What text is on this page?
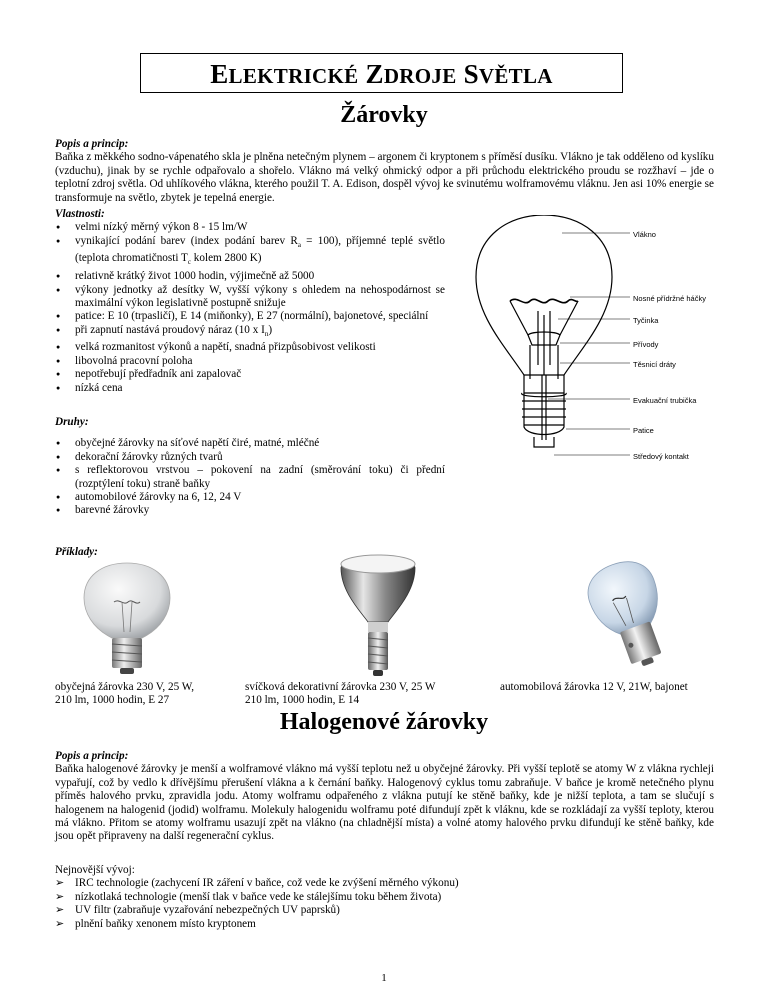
ELEKTRICKÉ ZDROJE SVĚTLA
Žárovky
Popis a princip:
Baňka z měkkého sodno-vápenatého skla je plněna netečným plynem – argonem či kryptonem s příměsí dusíku. Vlákno je tak odděleno od kyslíku (vzduchu), jinak by se rychle odpařovalo a shořelo. Vlákno má velký ohmický odpor a při průchodu elektrického proudu se rozžhaví – jde o teplotní zdroj světla. Od uhlíkového vlákna, kterého použil T. A. Edison, dospěl vývoj ke svinutému wolframovému vláknu. Jen asi 10% energie se transformuje na světlo, zbytek je tepelná energie.
Vlastnosti:
● velmi nízký měrný výkon 8 - 15 lm/W
● vynikající podání barev (index podání barev $R_a = 100$), příjemné teplé světlo (teplota chromatičnosti $T_c$ kolem 2800 K)
● relativně krátký život 1000 hodin, výjimečně až 5000
● výkony jednotky až desítky W, vyšší výkony s ohledem na nehospodárnost se maximální výkon legislativně postupně snižuje
● patice: E 10 (trpasličí), E 14 (miňonky), E 27 (normální), bajonetové, speciální
● při zapnutí nastává proudový náraz (10 x $I_n$)
● velká rozmanitost výkonů a napětí, snadná přizpůsobivost velikosti
● libovolná pracovní poloha
● nepotřebují předřadník ani zapalovač
● nízká cena
Vlákno
Nosné přídržné háčky
Tyčinka
Přívody
Těsnicí dráty
Evakuační trubička
Patice
Středový kontakt
Druhy:
● obyčejné žárovky na síťové napětí čiré, matné, mléčné
● dekorační žárovky různých tvarů
● s reflektorovou vrstvou – pokovení na zadní (směrování toku) či přední (rozptýlení toku) straně baňky
● automobilové žárovky na 6, 12, 24 V
● barevné žárovky
Příklady:
obyčejná žárovka 230 V, 25 W,
210 lm, 1000 hodin, E 27
svíčková dekorativní žárovka 230 V, 25 W
210 lm, 1000 hodin, E 14
automobilová žárovka 12 V, 21W, bajonet
Halogenové žárovky
Popis a princip:
Baňka halogenové žárovky je menší a wolframové vlákno má vyšší teplotu než u obyčejné žárovky. Při vyšší teplotě se atomy W z vlákna rychleji vypařují, což by vedlo k dřívějšímu přerušení vlákna a k černání baňky. Halogenový cyklus tomu zabraňuje. V baňce je kromě netečného plynu příměs halového prvku, zpravidla jodu. Atomy wolframu odpařeného z vlákna putují ke stěně baňky, kde je nižší teplota, a tam se slučují s halogenem na halogenid (jodid) wolframu. Molekuly halogenidu wolframu poté difundují zpět k vláknu, kde se rozkládají za vyšší teploty, kterou má vlákno. Přitom se atomy wolframu usazují zpět na vlákno (na chladnější místa) a volné atomy halového prvku difundují ke stěně baňky, kde jsou opět připraveny na další regenerační cyklus.
Nejnovější vývoj:
➢ IRC technologie (zachycení IR záření v baňce, což vede ke zvýšení měrného výkonu)
➢ nízkotlaká technologie (menší tlak v baňce vede ke stálejšímu toku během života)
➢ UV filtr (zabraňuje vyzařování nebezpečných UV paprsků)
➢ plnění baňky xenonem místo kryptonem
1
